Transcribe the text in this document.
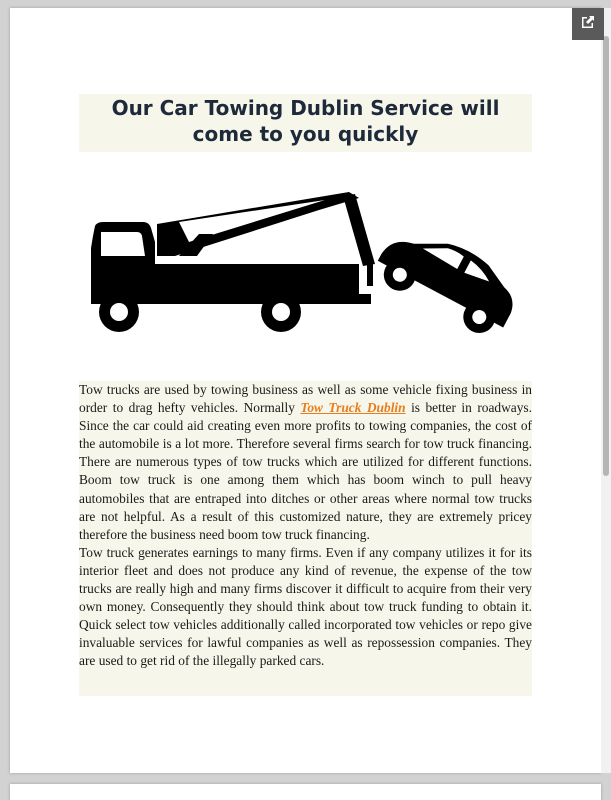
Our Car Towing Dublin Service will come to you quickly

Tow trucks are used by towing business as well as some vehicle fixing business in order to drag hefty vehicles. Normally Tow Truck Dublin is better in roadways. Since the car could aid creating even more profits to towing companies, the cost of the automobile is a lot more. Therefore several firms search for tow truck financing. There are numerous types of tow trucks which are utilized for different functions. Boom tow truck is one among them which has boom winch to pull heavy automobiles that are entraped into ditches or other areas where normal tow trucks are not helpful. As a result of this customized nature, they are extremely pricey therefore the business need boom tow truck financing.

Tow truck generates earnings to many firms. Even if any company utilizes it for its interior fleet and does not produce any kind of revenue, the expense of the tow trucks are really high and many firms discover it difficult to acquire from their very own money. Consequently they should think about tow truck funding to obtain it. Quick select tow vehicles additionally called incorporated tow vehicles or repo give invaluable services for lawful companies as well as repossession companies. They are used to get rid of the illegally parked cars.
